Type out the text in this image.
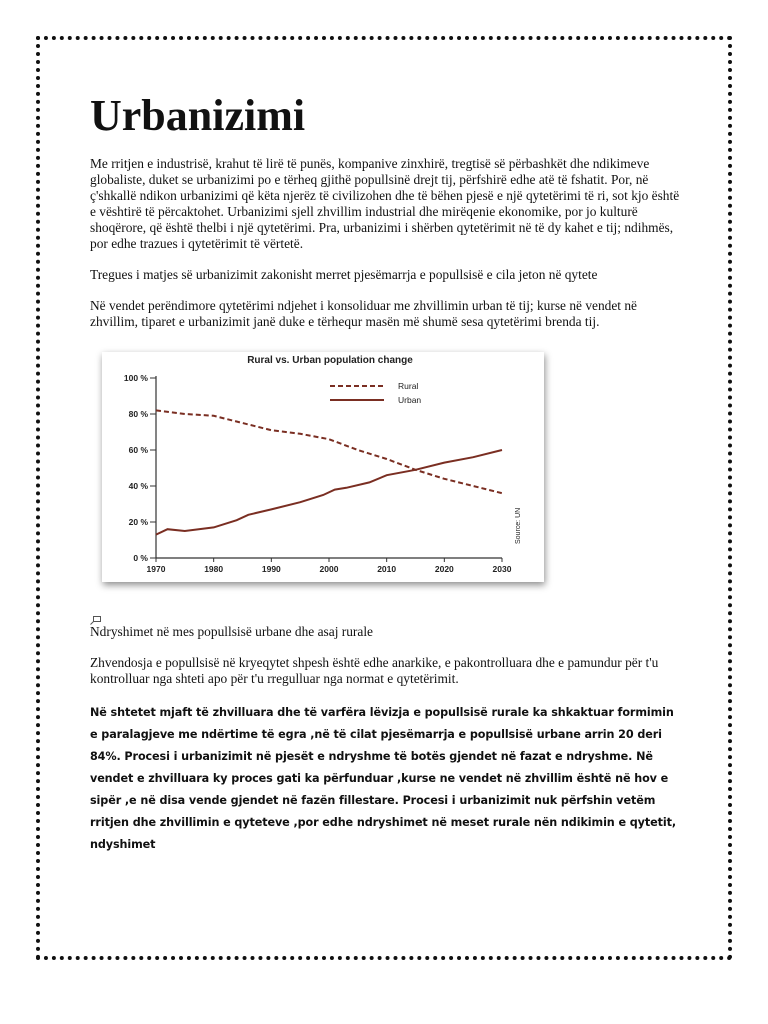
Urbanizimi

Me rritjen e industrisë, krahut të lirë të punës, kompanive zinxhirë, tregtisë së përbashkët dhe ndikimeve globaliste, duket se urbanizimi po e tërheq gjithë popullsinë drejt tij, përfshirë edhe atë të fshatit. Por, në ç'shkallë ndikon urbanizimi që këta njerëz të civilizohen dhe të bëhen pjesë e një qytetërimi të ri, sot kjo është e vështirë të përcaktohet. Urbanizimi sjell zhvillim industrial dhe mirëqenie ekonomike, por jo kulturë shoqërore, që është thelbi i një qytetërimi. Pra, urbanizimi i shërben qytetërimit në të dy kahet e tij; ndihmës, por edhe trazues i qytetërimit të vërtetë.

Tregues i matjes së urbanizimit zakonisht merret pjesëmarrja e popullsisë e cila jeton në qytete

Në vendet perëndimore qytetërimi ndjehet i konsoliduar me zhvillimin urban të tij; kurse në vendet në zhvillim, tiparet e urbanizimit janë duke e tërhequr masën më shumë sesa qytetërimi brenda tij.

Rural vs. Urban population change
0 %
20 %
40 %
60 %
80 %
100 %
1970	1980	1990	2000	2010	2020	2030
Rural
Urban
Source: UN

Ndryshimet në mes popullsisë urbane dhe asaj rurale

Zhvendosja e popullsisë në kryeqytet shpesh është edhe anarkike, e pakontrolluara dhe e pamundur për t'u kontrolluar nga shteti apo për t'u rregulluar nga normat e qytetërimit.

Në shtetet mjaft të zhvilluara dhe të varfëra lëvizja e popullsisë rurale ka shkaktuar formimin e paralagjeve me ndërtime të egra ,në të cilat pjesëmarrja e popullsisë urbane arrin 20 deri 84%. Procesi i urbanizimit në pjesët e ndryshme të botës gjendet në fazat e ndryshme. Në vendet e zhvilluara ky proces gati ka përfunduar ,kurse ne vendet në zhvillim është në hov e sipër ,e në disa vende gjendet në fazën fillestare. Procesi i urbanizimit nuk përfshin vetëm rritjen dhe zhvillimin e qyteteve ,por edhe ndryshimet në meset rurale nën ndikimin e qytetit, ndyshimet
